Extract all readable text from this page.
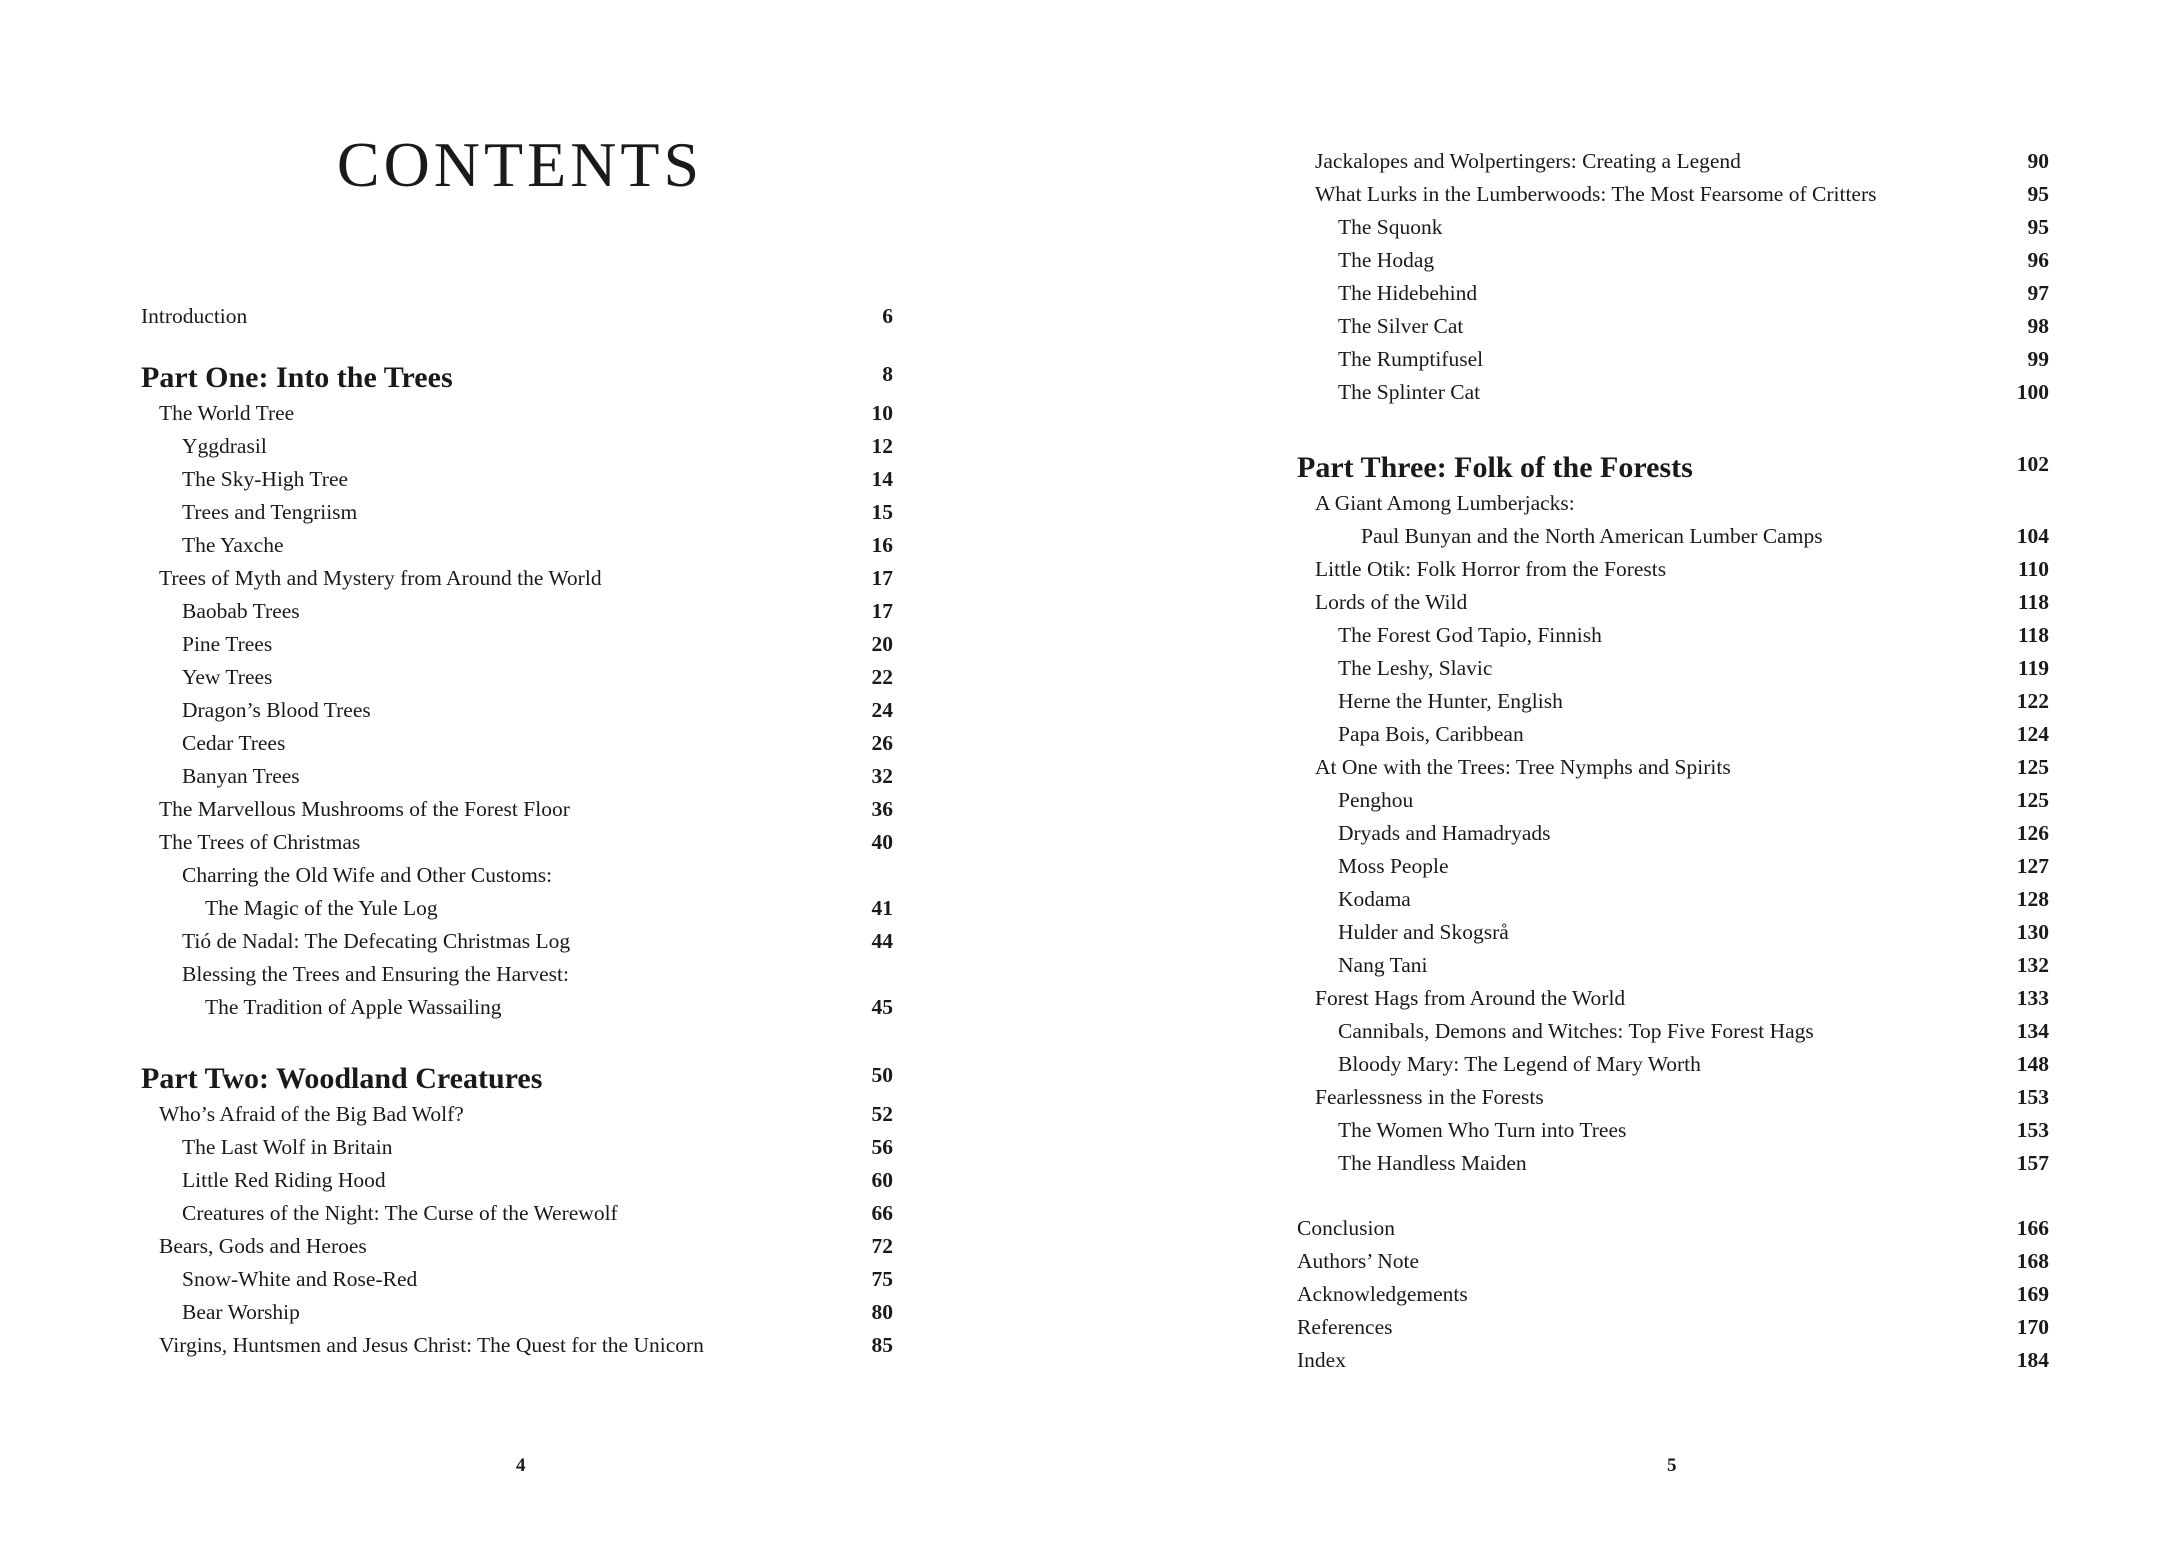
CONTENTS
Introduction	6
Part One: Into the Trees	8
The World Tree	10
Yggdrasil	12
The Sky-High Tree	14
Trees and Tengriism	15
The Yaxche	16
Trees of Myth and Mystery from Around the World	17
Baobab Trees	17
Pine Trees	20
Yew Trees	22
Dragon’s Blood Trees	24
Cedar Trees	26
Banyan Trees	32
The Marvellous Mushrooms of the Forest Floor	36
The Trees of Christmas	40
Charring the Old Wife and Other Customs:
The Magic of the Yule Log	41
Tió de Nadal: The Defecating Christmas Log	44
Blessing the Trees and Ensuring the Harvest:
The Tradition of Apple Wassailing	45
Part Two: Woodland Creatures	50
Who’s Afraid of the Big Bad Wolf?	52
The Last Wolf in Britain	56
Little Red Riding Hood	60
Creatures of the Night: The Curse of the Werewolf	66
Bears, Gods and Heroes	72
Snow-White and Rose-Red	75
Bear Worship	80
Virgins, Huntsmen and Jesus Christ: The Quest for the Unicorn	85
4
Jackalopes and Wolpertingers: Creating a Legend	90
What Lurks in the Lumberwoods: The Most Fearsome of Critters	95
The Squonk	95
The Hodag	96
The Hidebehind	97
The Silver Cat	98
The Rumptifusel	99
The Splinter Cat	100
Part Three: Folk of the Forests	102
A Giant Among Lumberjacks:
Paul Bunyan and the North American Lumber Camps	104
Little Otik: Folk Horror from the Forests	110
Lords of the Wild	118
The Forest God Tapio, Finnish	118
The Leshy, Slavic	119
Herne the Hunter, English	122
Papa Bois, Caribbean	124
At One with the Trees: Tree Nymphs and Spirits	125
Penghou	125
Dryads and Hamadryads	126
Moss People	127
Kodama	128
Hulder and Skogsrå	130
Nang Tani	132
Forest Hags from Around the World	133
Cannibals, Demons and Witches: Top Five Forest Hags	134
Bloody Mary: The Legend of Mary Worth	148
Fearlessness in the Forests	153
The Women Who Turn into Trees	153
The Handless Maiden	157
Conclusion	166
Authors’ Note	168
Acknowledgements	169
References	170
Index	184
5
